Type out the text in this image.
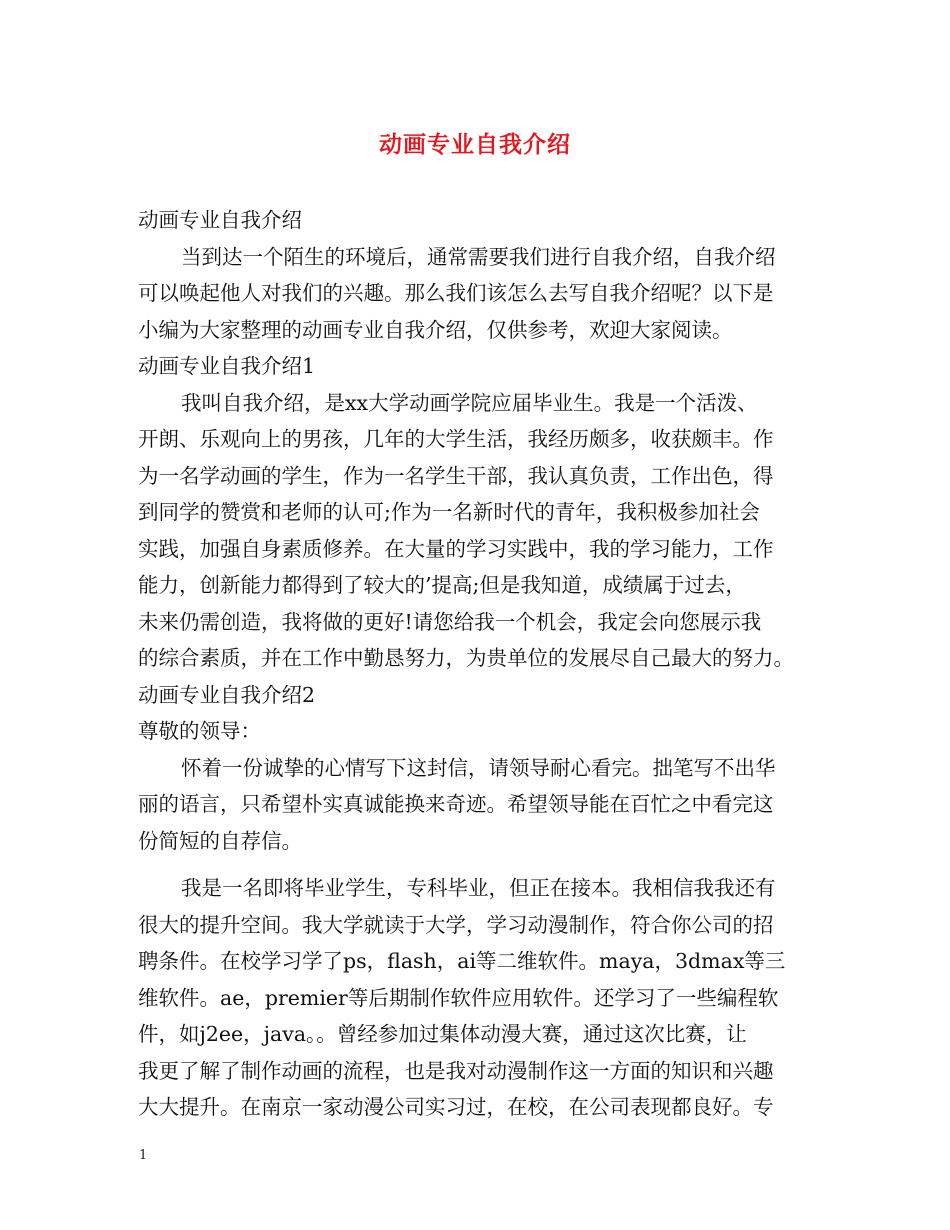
动画专业自我介绍
动画专业自我介绍
当到达一个陌生的环境后，通常需要我们进行自我介绍，自我介绍
可以唤起他人对我们的兴趣。那么我们该怎么去写自我介绍呢？以下是
小编为大家整理的动画专业自我介绍，仅供参考，欢迎大家阅读。
动画专业自我介绍1
我叫自我介绍，是xx大学动画学院应届毕业生。我是一个活泼、
开朗、乐观向上的男孩，几年的大学生活，我经历颇多，收获颇丰。作
为一名学动画的学生，作为一名学生干部，我认真负责，工作出色，得
到同学的赞赏和老师的认可;作为一名新时代的青年，我积极参加社会
实践，加强自身素质修养。在大量的学习实践中，我的学习能力，工作
能力，创新能力都得到了较大的’提高;但是我知道，成绩属于过去，
未来仍需创造，我将做的更好!请您给我一个机会，我定会向您展示我
的综合素质，并在工作中勤恳努力，为贵单位的发展尽自己最大的努力。
动画专业自我介绍2
尊敬的领导：
怀着一份诚挚的心情写下这封信，请领导耐心看完。拙笔写不出华
丽的语言，只希望朴实真诚能换来奇迹。希望领导能在百忙之中看完这
份简短的自荐信。
我是一名即将毕业学生，专科毕业，但正在接本。我相信我我还有
很大的提升空间。我大学就读于大学，学习动漫制作，符合你公司的招
聘条件。在校学习学了ps，flash，ai等二维软件。maya，3dmax等三
维软件。ae，premier等后期制作软件应用软件。还学习了一些编程软
件，如j2ee，java。。曾经参加过集体动漫大赛，通过这次比赛，让
我更了解了制作动画的流程，也是我对动漫制作这一方面的知识和兴趣
大大提升。在南京一家动漫公司实习过，在校，在公司表现都良好。专
1
